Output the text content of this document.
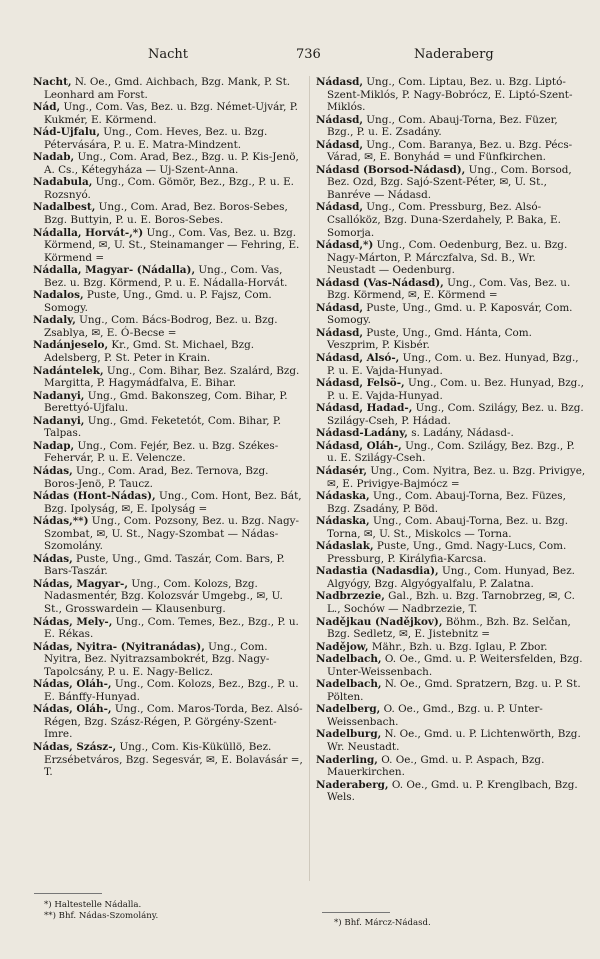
Nacht	736	Naderaberg

Nacht, N. Oe., Gmd. Aichbach, Bzg. Mank, P. St. Leonhard am Forst.

Nád, Ung., Com. Vas, Bez. u. Bzg. Német-Ujvár, P. Kukmér, E. Körmend.

Nád-Ujfalu, Ung., Com. Heves, Bez. u. Bzg. Pétervására, P. u. E. Matra-Mindzent.

Nadab, Ung., Com. Arad, Bez., Bzg. u. P. Kis-Jenö, A. Cs., Kétegyháza — Uj-Szent-Anna.

Nadabula, Ung., Com. Gömör, Bez., Bzg., P. u. E. Rozsnyó.

Nadalbest, Ung., Com. Arad, Bez. Boros-Sebes, Bzg. Buttyin, P. u. E. Boros-Sebes.

Nádalla, Horvát-,*) Ung., Com. Vas, Bez. u. Bzg. Körmend, ✉, U. St., Steinamanger — Fehring, E. Körmend =

Nádalla, Magyar- (Nádalla), Ung., Com. Vas, Bez. u. Bzg. Körmend, P. u. E. Nádalla-Horvát.

Nadalos, Puste, Ung., Gmd. u. P. Fajsz, Com. Somogy.

Nadaly, Ung., Com. Bács-Bodrog, Bez. u. Bzg. Zsablya, ✉, E. Ó-Becse =

Nadánjeselo, Kr., Gmd. St. Michael, Bzg. Adelsberg, P. St. Peter in Krain.

Nadántelek, Ung., Com. Bihar, Bez. Szalárd, Bzg. Margitta, P. Hagymádfalva, E. Bihar.

Nadanyi, Ung., Gmd. Bakonszeg, Com. Bihar, P. Berettyó-Ujfalu.

Nadanyi, Ung., Gmd. Feketetót, Com. Bihar, P. Talpas.

Nadap, Ung., Com. Fejér, Bez. u. Bzg. Székes-Fehervár, P. u. E. Velencze.

Nádas, Ung., Com. Arad, Bez. Ternova, Bzg. Boros-Jenö, P. Taucz.

Nádas (Hont-Nádas), Ung., Com. Hont, Bez. Bát, Bzg. Ipolyság, ✉, E. Ipolyság =

Nádas,**) Ung., Com. Pozsony, Bez. u. Bzg. Nagy-Szombat, ✉, U. St., Nagy-Szombat — Nádas-Szomolány.

Nádas, Puste, Ung., Gmd. Taszár, Com. Bars, P. Bars-Taszár.

Nádas, Magyar-, Ung., Com. Kolozs, Bzg. Nadasmentér, Bzg. Kolozsvár Umgebg., ✉, U. St., Grosswardein — Klausenburg.

Nádas, Mely-, Ung., Com. Temes, Bez., Bzg., P. u. E. Rékas.

Nádas, Nyitra- (Nyitranádas), Ung., Com. Nyitra, Bez. Nyitrazsambokrét, Bzg. Nagy-Tapolcsány, P. u. E. Nagy-Belicz.

Nádas, Oláh-, Ung., Com. Kolozs, Bez., Bzg., P. u. E. Bánffy-Hunyad.

Nádas, Oláh-, Ung., Com. Maros-Torda, Bez. Alsó-Régen, Bzg. Szász-Régen, P. Görgény-Szent-Imre.

Nádas, Szász-, Ung., Com. Kis-Küküllö, Bez. Erzsébetváros, Bzg. Segesvár, ✉, E. Bolavásár =, T.

Nádasd, Ung., Com. Liptau, Bez. u. Bzg. Liptó-Szent-Miklós, P. Nagy-Bobrócz, E. Liptó-Szent-Miklós.

Nádasd, Ung., Com. Abauj-Torna, Bez. Füzer, Bzg., P. u. E. Zsadány.

Nádasd, Ung., Com. Baranya, Bez. u. Bzg. Pécs-Várad, ✉, E. Bonyhád = und Fünfkirchen.

Nádasd (Borsod-Nádasd), Ung., Com. Borsod, Bez. Ozd, Bzg. Sajó-Szent-Péter, ✉, U. St., Banréve — Nádasd.

Nádasd, Ung., Com. Pressburg, Bez. Alsó-Csallóköz, Bzg. Duna-Szerdahely, P. Baka, E. Somorja.

Nádasd,*) Ung., Com. Oedenburg, Bez. u. Bzg. Nagy-Márton, P. Márczfalva, Sd. B., Wr. Neustadt — Oedenburg.

Nádasd (Vas-Nádasd), Ung., Com. Vas, Bez. u. Bzg. Körmend, ✉, E. Körmend =

Nádasd, Puste, Ung., Gmd. u. P. Kaposvár, Com. Somogy.

Nádasd, Puste, Ung., Gmd. Hánta, Com. Veszprim, P. Kisbér.

Nádasd, Alsó-, Ung., Com. u. Bez. Hunyad, Bzg., P. u. E. Vajda-Hunyad.

Nádasd, Felsö-, Ung., Com. u. Bez. Hunyad, Bzg., P. u. E. Vajda-Hunyad.

Nádasd, Hadad-, Ung., Com. Szilágy, Bez. u. Bzg. Szilágy-Cseh, P. Hádad.

Nádasd-Ladány, s. Ladány, Nádasd-.

Nádasd, Oláh-, Ung., Com. Szilágy, Bez. Bzg., P. u. E. Szilágy-Cseh.

Nádasér, Ung., Com. Nyitra, Bez. u. Bzg. Privigye, ✉, E. Privigye-Bajmócz =

Nádaska, Ung., Com. Abauj-Torna, Bez. Füzes, Bzg. Zsadány, P. Böd.

Nádaska, Ung., Com. Abauj-Torna, Bez. u. Bzg. Torna, ✉, U. St., Miskolcs — Torna.

Nádaslak, Puste, Ung., Gmd. Nagy-Lucs, Com. Pressburg, P. Királyfia-Karcsa.

Nadastia (Nadasdia), Ung., Com. Hunyad, Bez. Algyógy, Bzg. Algyógyalfalu, P. Zalatna.

Nadbrzezie, Gal., Bzh. u. Bzg. Tarnobrzeg, ✉, C. L., Sochów — Nadbrzezie, T.

Nadějkau (Nadějkov), Böhm., Bzh. Bz. Selčan, Bzg. Sedletz, ✉, E. Jistebnitz =

Nadějow, Mähr., Bzh. u. Bzg. Iglau, P. Zbor.

Nadelbach, O. Oe., Gmd. u. P. Weitersfelden, Bzg. Unter-Weissenbach.

Nadelbach, N. Oe., Gmd. Spratzern, Bzg. u. P. St. Pölten.

Nadelberg, O. Oe., Gmd., Bzg. u. P. Unter-Weissenbach.

Nadelburg, N. Oe., Gmd. u. P. Lichtenwörth, Bzg. Wr. Neustadt.

Naderling, O. Oe., Gmd. u. P. Aspach, Bzg. Mauerkirchen.

Naderaberg, O. Oe., Gmd. u. P. Krenglbach, Bzg. Wels.

*) Haltestelle Nádalla.
**) Bhf. Nádas-Szomolány.
*) Bhf. Márcz-Nádasd.
